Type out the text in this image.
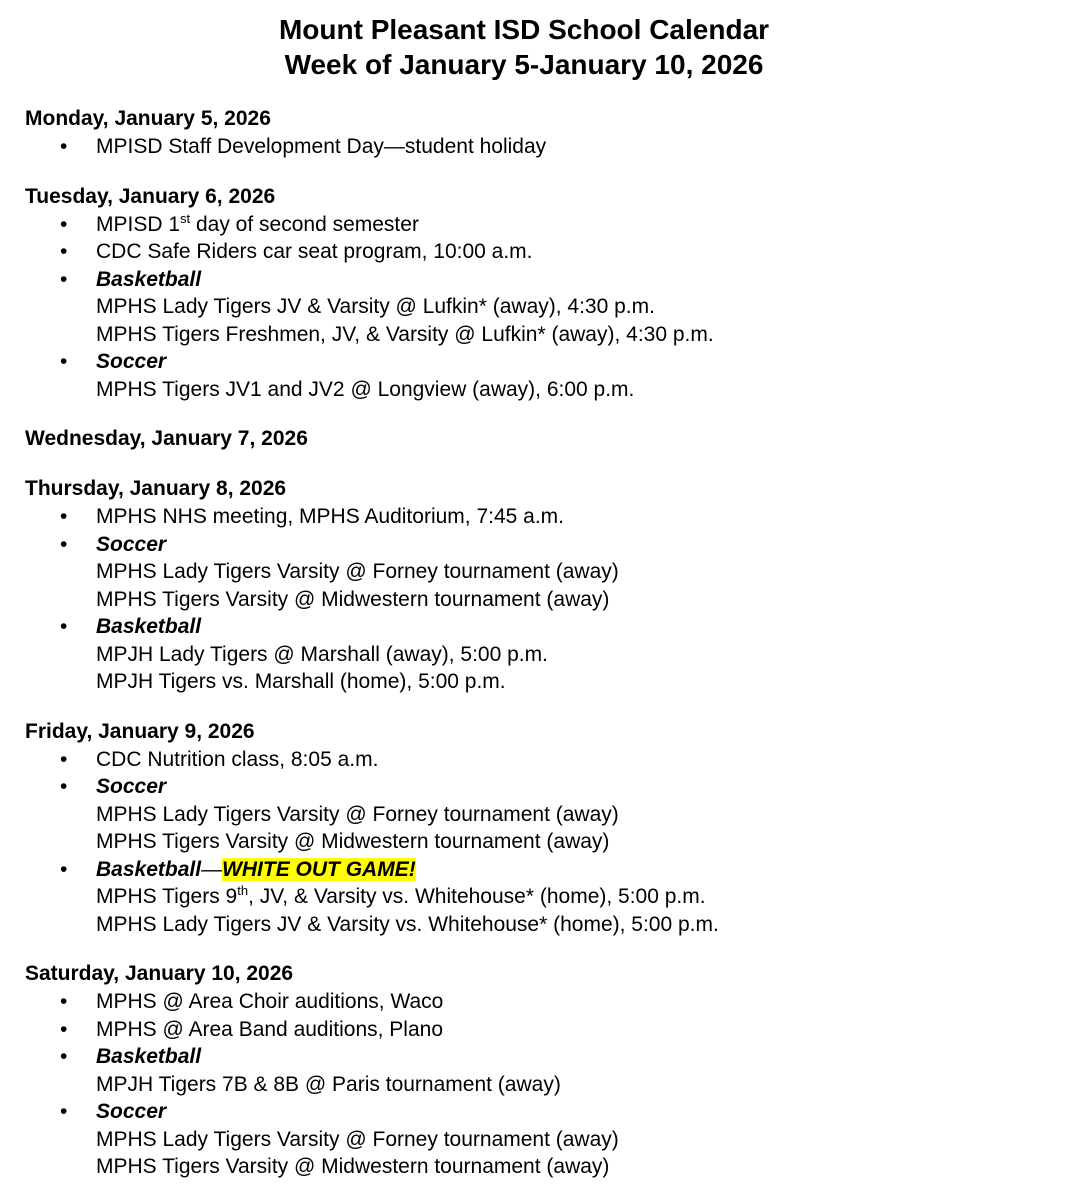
Mount Pleasant ISD School Calendar
Week of January 5-January 10, 2026
Monday, January 5, 2026
• MPISD Staff Development Day—student holiday
Tuesday, January 6, 2026
• MPISD 1st day of second semester
• CDC Safe Riders car seat program, 10:00 a.m.
• Basketball
MPHS Lady Tigers JV & Varsity @ Lufkin* (away), 4:30 p.m.
MPHS Tigers Freshmen, JV, & Varsity @ Lufkin* (away), 4:30 p.m.
• Soccer
MPHS Tigers JV1 and JV2 @ Longview (away), 6:00 p.m.
Wednesday, January 7, 2026
Thursday, January 8, 2026
• MPHS NHS meeting, MPHS Auditorium, 7:45 a.m.
• Soccer
MPHS Lady Tigers Varsity @ Forney tournament (away)
MPHS Tigers Varsity @ Midwestern tournament (away)
• Basketball
MPJH Lady Tigers @ Marshall (away), 5:00 p.m.
MPJH Tigers vs. Marshall (home), 5:00 p.m.
Friday, January 9, 2026
• CDC Nutrition class, 8:05 a.m.
• Soccer
MPHS Lady Tigers Varsity @ Forney tournament (away)
MPHS Tigers Varsity @ Midwestern tournament (away)
• Basketball—WHITE OUT GAME!
MPHS Tigers 9th, JV, & Varsity vs. Whitehouse* (home), 5:00 p.m.
MPHS Lady Tigers JV & Varsity vs. Whitehouse* (home), 5:00 p.m.
Saturday, January 10, 2026
• MPHS @ Area Choir auditions, Waco
• MPHS @ Area Band auditions, Plano
• Basketball
MPJH Tigers 7B & 8B @ Paris tournament (away)
• Soccer
MPHS Lady Tigers Varsity @ Forney tournament (away)
MPHS Tigers Varsity @ Midwestern tournament (away)
